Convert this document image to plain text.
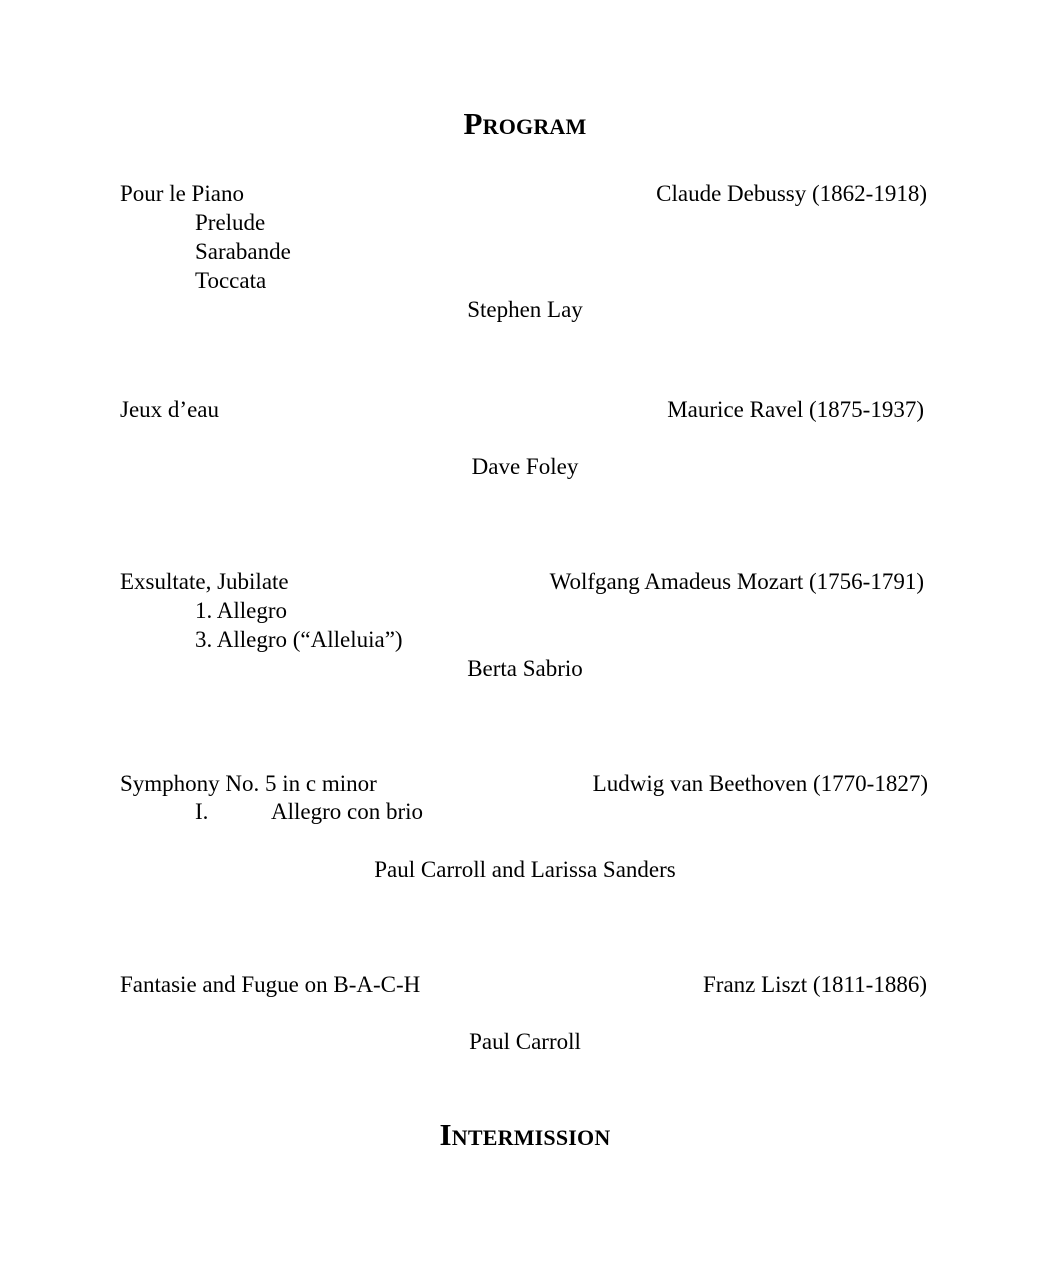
Program
Pour le Piano	Claude Debussy (1862-1918)
Prelude
Sarabande
Toccata
Stephen Lay
Jeux d’eau	Maurice Ravel (1875-1937)
Dave Foley
Exsultate, Jubilate	Wolfgang Amadeus Mozart (1756-1791)
1. Allegro
3. Allegro (“Alleluia”)
Berta Sabrio
Symphony No. 5 in c minor	Ludwig van Beethoven (1770-1827)
I.	Allegro con brio
Paul Carroll and Larissa Sanders
Fantasie and Fugue on B-A-C-H	Franz Liszt (1811-1886)
Paul Carroll
Intermission
